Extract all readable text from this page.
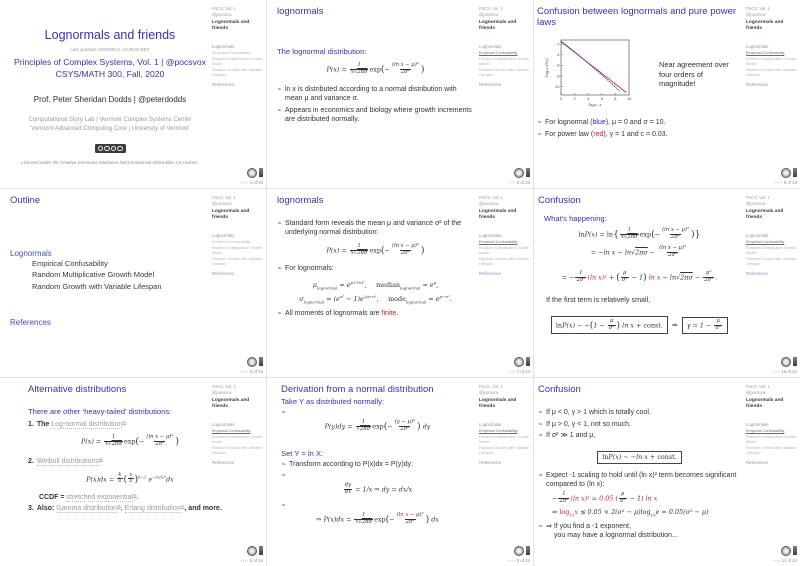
Lognormals and friends
Last updated: 2020/09/12, 13:39:25 EDT
Principles of Complex Systems, Vol. 1 | @pocsvox
CSYS/MATH 300, Fall, 2020
Prof. Peter Sheridan Dodds | @peterdodds
Computational Story Lab | Vermont Complex Systems Center
Vermont Advanced Computing Core | University of Vermont
Licensed under the Creative Commons Attribution-NonCommercial-ShareAlike 3.0 License.
PoCS, Vol. 1
@pocsvox
Lognormals and friends
Lognormals
Empirical Confusability
Random Multiplicative Growth Model
Random Growth with Variable Lifespan
References
‹›‹› 1 of 24
lognormals
The lognormal distribution:
$P(x) = \frac{1}{x√2\pi\sigma} \exp(- \frac{\text{(ln x − μ)²}}{\text{2σ²}}$ )
❧ ln x is distributed according to a normal distribution with mean μ and variance σ.
❧ Appears in economics and biology where growth increments are distributed normally.
PoCS, Vol. 1
@pocsvox
Lognormals and friends
Lognormals
Empirical Confusability
Random Multiplicative Growth Model
Random Growth with Variable Lifespan
References
‹›‹› 6 of 24
Confusion between lognormals and pure power laws
0	2	4	6	8	10
-2
-4
-6
-8
-10
log₁₀ x
log₁₀ P(x)	Near agreement over four orders of magnitude!
❧ For lognormal (blue), μ = 0 and σ = 10.
❧ For power law (red), γ = 1 and c = 0.03.
PoCS, Vol. 1
@pocsvox
Lognormals and friends
Lognormals
Empirical Confusability
Random Multiplicative Growth Model
Random Growth with Variable Lifespan
References
‹›‹› 9 of 24
Outline
Lognormals
Empirical Confusability
Random Multiplicative Growth Model
Random Growth with Variable Lifespan
References
PoCS, Vol. 1
@pocsvox
Lognormals and friends
Lognormals
Empirical Confusability
Random Multiplicative Growth Model
Random Growth with Variable Lifespan
References
‹›‹› 2 of 24
lognormals
❧ Standard form reveals the mean μ and variance σ² of the underlying normal distribution:
$P(x) = \frac{1}{x√2\pi\sigma} \exp(- \frac{\text{(ln x − μ)²}}{\text{2σ²}}$ )
❧ For lognormals:
$\mu_{lognormal} = e^{\mu+\frac{1}{2}\sigma^2}$,  median$_{lognormal}$ = $e^\mu$,
$\sigma_{lognormal} = (e^{\sigma^2} - 1)e^{2\mu+\sigma^2}$,  mode$_{lognormal}$ = $e^{\mu-\sigma^2}$.
❧ All moments of lognormals are finite.
PoCS, Vol. 1
@pocsvox
Lognormals and friends
Lognormals
Empirical Confusability
Random Multiplicative Growth Model
Random Growth with Variable Lifespan
References
‹›‹› 7 of 24
Confusion
What's happening:
$\ln P(x) = \ln\{ \frac{1}{x√2\pi\sigma} \exp(- \frac{\text{(ln x − μ)²}}{\text{2σ²}}$ )}
= −ln $x - \ln√2\pi\sigma - \frac{\text{(ln x − μ)²}}{\text{2σ²}}$
= − $\frac{1}{\text{2σ²}} (\ln$ x)² + ( $\frac{\mu}{\text{σ²}} - 1$) $\ln x - \ln√2\pi\sigma - \frac{\text{μ²}}{\text{2σ²}}$ .
If the first term is relatively small,
lnP(x) ∼ $-(1 - \frac{\mu}{\text{σ²}}$ ) ln x + const.	⇒	$\gamma = 1 - \frac{\mu}{\text{σ²}}$
PoCS, Vol. 1
@pocsvox
Lognormals and friends
Lognormals
Empirical Confusability
Random Multiplicative Growth Model
Random Growth with Variable Lifespan
References
‹›‹› 10 of 24
Alternative distributions
There are other ‘heavy-tailed’ distributions:
1. The Log-normal distribution⧉
$P(x) = \frac{1}{x√2\pi\sigma} \exp(- \frac{\text{(ln x − μ)²}}{\text{2σ²}}$ )
2. Weibull distributions⧉
$P(x)dx = \frac{k}{\lambda}$ ( $\frac{x}{\lambda} )^{k-1}$ $e^{-(x/\lambda)ᵏ}dx$
CCDF = stretched exponential⧉.
3. Also: Gamma distribution⧉, Erlang distribution⧉, and more.
PoCS, Vol. 1
@pocsvox
Lognormals and friends
Lognormals
Empirical Confusability
Random Multiplicative Growth Model
Random Growth with Variable Lifespan
References
‹›‹› 5 of 24
Derivation from a normal distribution
Take Y as distributed normally:
❧
$P(y)dy = \frac{1}{√2\pi\sigma} \exp(- \frac{\text{(y − μ)²}}{\text{2σ²}}$ ) dy
Set Y = ln X:
❧ Transform according to P(x)dx = P(y)dy:
❧
$\frac{dy}{dx} = 1/x$ ⇒ dy = dx/x
❧
⇒ $P(x)dx = \frac{1}{x√2\pi\sigma} \exp(- \frac{\text{(ln x − μ)²}}{\text{2σ²}}$ ) dx
PoCS, Vol. 1
@pocsvox
Lognormals and friends
Lognormals
Empirical Confusability
Random Multiplicative Growth Model
Random Growth with Variable Lifespan
References
‹›‹› 8 of 24
Confusion
❧ If μ < 0, γ > 1 which is totally cool.
❧ If μ > 0, γ < 1, not so much.
❧ If σ² ≫ 1 and μ,
lnP(x) ∼ −ln x + const.
❧ Expect -1 scaling to hold until (ln x)² term becomes significant compared to (ln x):
− $\frac{1}{\text{2σ²}} (\ln$ x)² ≃ 0.05 ( $\frac{\mu}{\text{σ²}} - 1$) ln x
⇒ $\log_{10}x$ ≲ $0.05 \times 2(\sigma^2 - \mu)\log_{10}e$ ≃ 0.05(σ² − μ)
❧ ⇒ If you find a -1 exponent,
you may have a lognormal distribution...
PoCS, Vol. 1
@pocsvox
Lognormals and friends
Lognormals
Empirical Confusability
Random Multiplicative Growth Model
Random Growth with Variable Lifespan
References
‹›‹› 11 of 24
